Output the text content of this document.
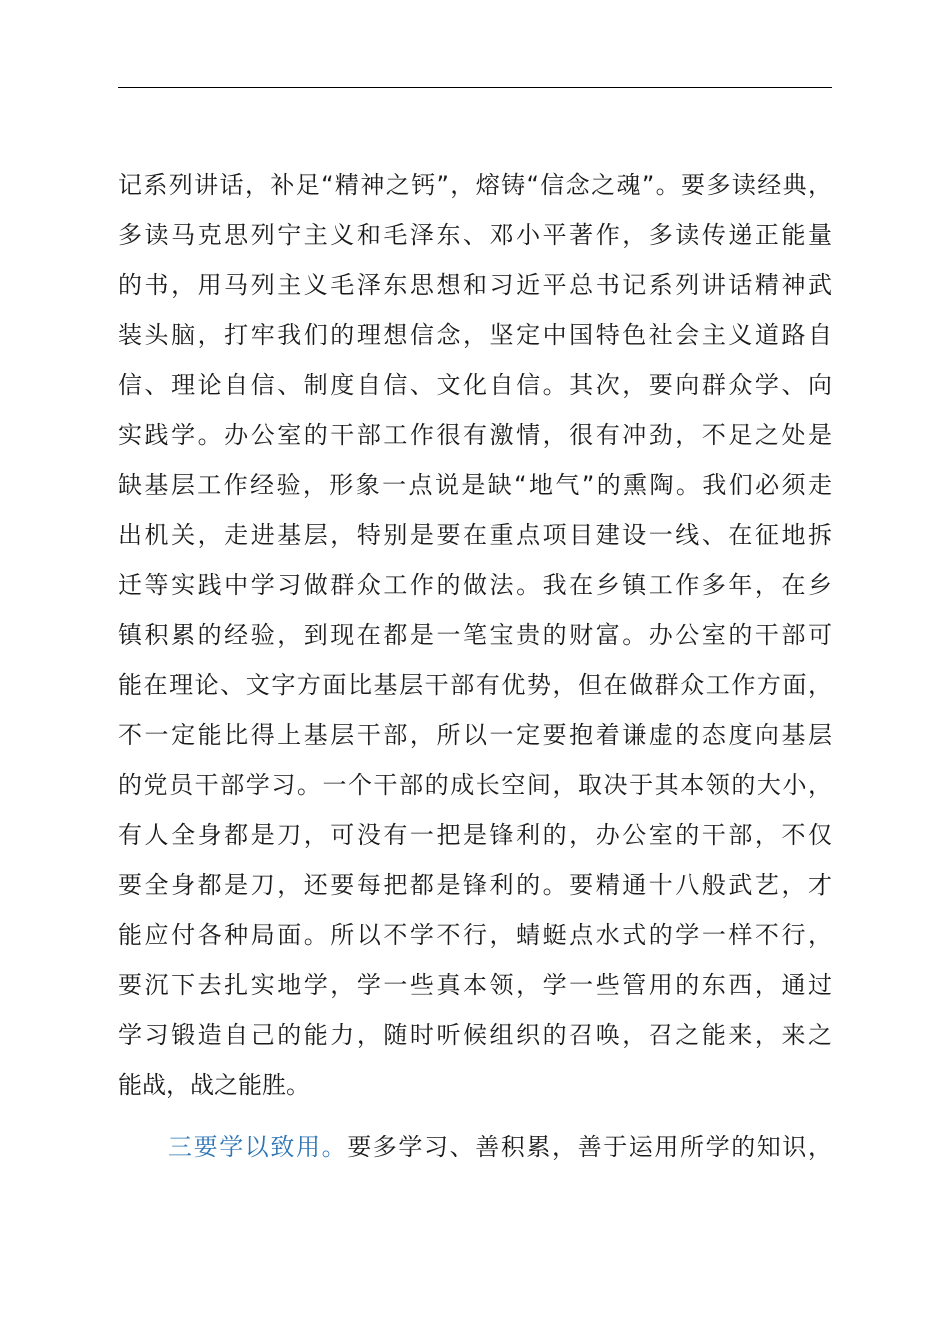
记系列讲话，补足“精神之钙”，熔铸“信念之魂”。要多读经典，
多读马克思列宁主义和毛泽东、邓小平著作，多读传递正能量
的书，用马列主义毛泽东思想和习近平总书记系列讲话精神武
装头脑，打牢我们的理想信念，坚定中国特色社会主义道路自
信、理论自信、制度自信、文化自信。其次，要向群众学、向
实践学。办公室的干部工作很有激情，很有冲劲，不足之处是
缺基层工作经验，形象一点说是缺“地气”的熏陶。我们必须走
出机关，走进基层，特别是要在重点项目建设一线、在征地拆
迁等实践中学习做群众工作的做法。我在乡镇工作多年，在乡
镇积累的经验，到现在都是一笔宝贵的财富。办公室的干部可
能在理论、文字方面比基层干部有优势，但在做群众工作方面，
不一定能比得上基层干部，所以一定要抱着谦虚的态度向基层
的党员干部学习。一个干部的成长空间，取决于其本领的大小，
有人全身都是刀，可没有一把是锋利的，办公室的干部，不仅
要全身都是刀，还要每把都是锋利的。要精通十八般武艺，才
能应付各种局面。所以不学不行，蜻蜓点水式的学一样不行，
要沉下去扎实地学，学一些真本领，学一些管用的东西，通过
学习锻造自己的能力，随时听候组织的召唤，召之能来，来之
能战，战之能胜。
三要学以致用。要多学习、善积累，善于运用所学的知识，
